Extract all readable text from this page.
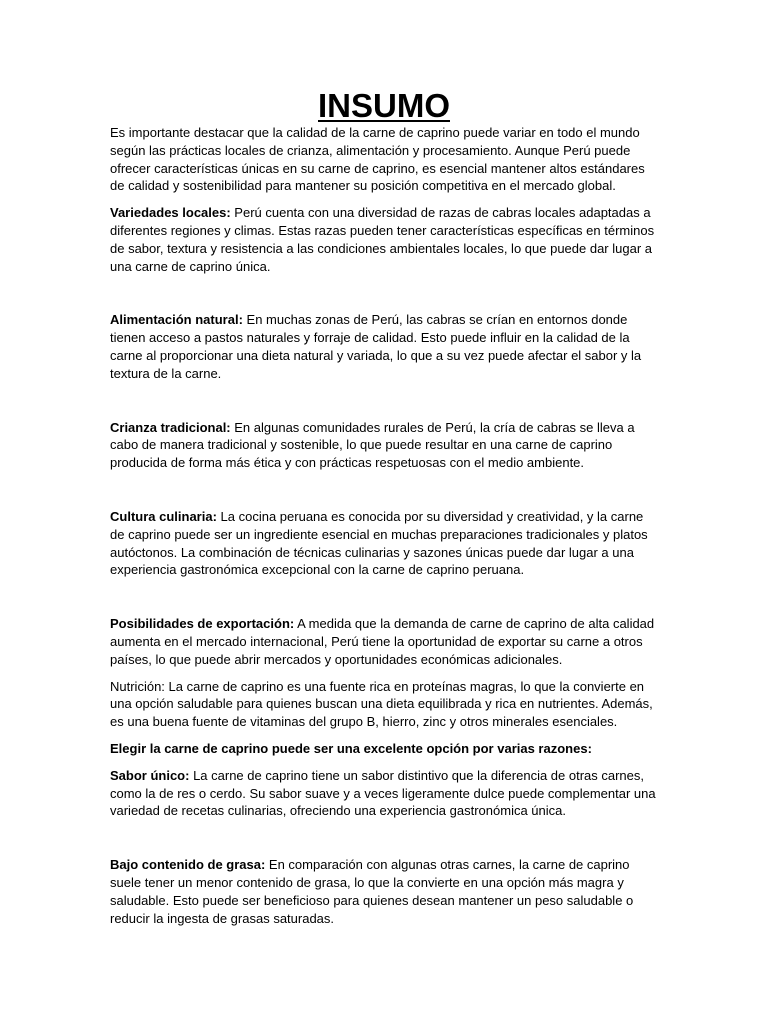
INSUMO

Es importante destacar que la calidad de la carne de caprino puede variar en todo el mundo según las prácticas locales de crianza, alimentación y procesamiento. Aunque Perú puede ofrecer características únicas en su carne de caprino, es esencial mantener altos estándares de calidad y sostenibilidad para mantener su posición competitiva en el mercado global.

Variedades locales: Perú cuenta con una diversidad de razas de cabras locales adaptadas a diferentes regiones y climas. Estas razas pueden tener características específicas en términos de sabor, textura y resistencia a las condiciones ambientales locales, lo que puede dar lugar a una carne de caprino única.

Alimentación natural: En muchas zonas de Perú, las cabras se crían en entornos donde tienen acceso a pastos naturales y forraje de calidad. Esto puede influir en la calidad de la carne al proporcionar una dieta natural y variada, lo que a su vez puede afectar el sabor y la textura de la carne.

Crianza tradicional: En algunas comunidades rurales de Perú, la cría de cabras se lleva a cabo de manera tradicional y sostenible, lo que puede resultar en una carne de caprino producida de forma más ética y con prácticas respetuosas con el medio ambiente.

Cultura culinaria: La cocina peruana es conocida por su diversidad y creatividad, y la carne de caprino puede ser un ingrediente esencial en muchas preparaciones tradicionales y platos autóctonos. La combinación de técnicas culinarias y sazones únicas puede dar lugar a una experiencia gastronómica excepcional con la carne de caprino peruana.

Posibilidades de exportación: A medida que la demanda de carne de caprino de alta calidad aumenta en el mercado internacional, Perú tiene la oportunidad de exportar su carne a otros países, lo que puede abrir mercados y oportunidades económicas adicionales.

Nutrición: La carne de caprino es una fuente rica en proteínas magras, lo que la convierte en una opción saludable para quienes buscan una dieta equilibrada y rica en nutrientes. Además, es una buena fuente de vitaminas del grupo B, hierro, zinc y otros minerales esenciales.

Elegir la carne de caprino puede ser una excelente opción por varias razones:

Sabor único: La carne de caprino tiene un sabor distintivo que la diferencia de otras carnes, como la de res o cerdo. Su sabor suave y a veces ligeramente dulce puede complementar una variedad de recetas culinarias, ofreciendo una experiencia gastronómica única.

Bajo contenido de grasa: En comparación con algunas otras carnes, la carne de caprino suele tener un menor contenido de grasa, lo que la convierte en una opción más magra y saludable. Esto puede ser beneficioso para quienes desean mantener un peso saludable o reducir la ingesta de grasas saturadas.
